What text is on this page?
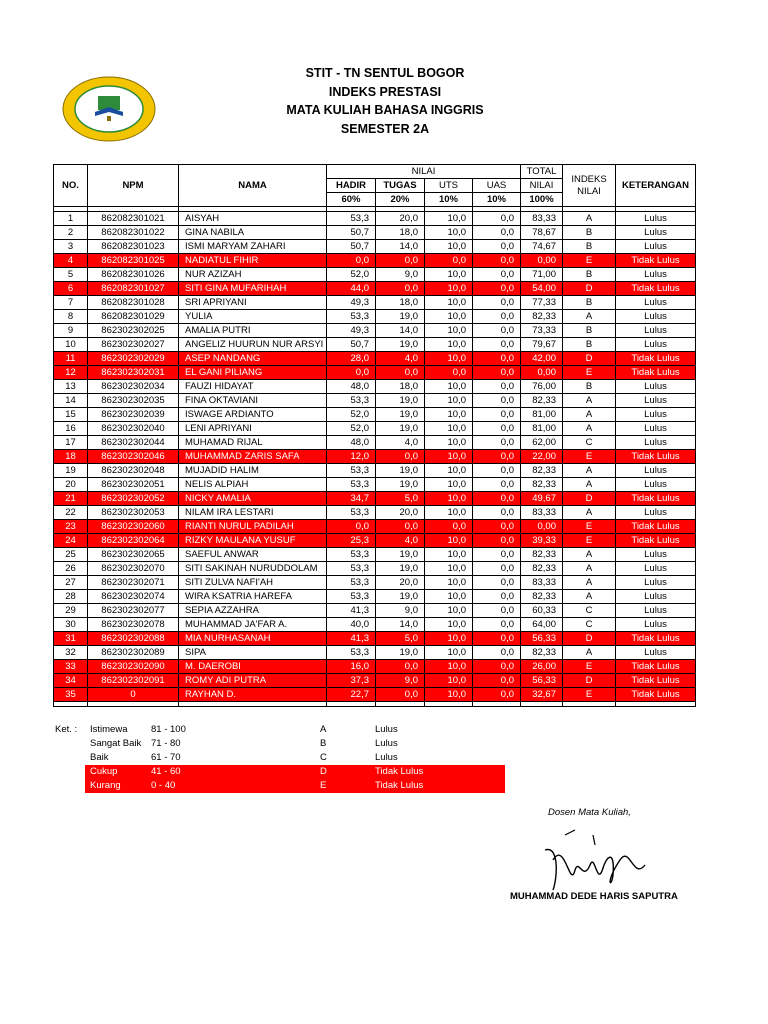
STIT - TN SENTUL BOGOR
INDEKS PRESTASI
MATA KULIAH BAHASA INGGRIS
SEMESTER 2A
NO.	NPM	NAMA	NILAI				TOTAL	INDEKS
NILAI	KETERANGAN
			HADIR	TUGAS	UTS	UAS	NILAI		
			60%	20%	10%	10%	100%		

1	862082301021	AISYAH	53,3	20,0	10,0	0,0	83,33	A	Lulus
2	862082301022	GINA NABILA	50,7	18,0	10,0	0,0	78,67	B	Lulus
3	862082301023	ISMI MARYAM ZAHARI	50,7	14,0	10,0	0,0	74,67	B	Lulus
4	862082301025	NADIATUL FIHIR	0,0	0,0	0,0	0,0	0,00	E	Tidak Lulus
5	862082301026	NUR AZIZAH	52,0	9,0	10,0	0,0	71,00	B	Lulus
6	862082301027	SITI GINA MUFARIHAH	44,0	0,0	10,0	0,0	54,00	D	Tidak Lulus
7	862082301028	SRI APRIYANI	49,3	18,0	10,0	0,0	77,33	B	Lulus
8	862082301029	YULIA	53,3	19,0	10,0	0,0	82,33	A	Lulus
9	862302302025	AMALIA PUTRI	49,3	14,0	10,0	0,0	73,33	B	Lulus
10	862302302027	ANGELIZ HUURUN NUR ARSYI	50,7	19,0	10,0	0,0	79,67	B	Lulus
11	862302302029	ASEP NANDANG	28,0	4,0	10,0	0,0	42,00	D	Tidak Lulus
12	862302302031	EL GANI PILIANG	0,0	0,0	0,0	0,0	0,00	E	Tidak Lulus
13	862302302034	FAUZI HIDAYAT	48,0	18,0	10,0	0,0	76,00	B	Lulus
14	862302302035	FINA OKTAVIANI	53,3	19,0	10,0	0,0	82,33	A	Lulus
15	862302302039	ISWAGE ARDIANTO	52,0	19,0	10,0	0,0	81,00	A	Lulus
16	862302302040	LENI APRIYANI	52,0	19,0	10,0	0,0	81,00	A	Lulus
17	862302302044	MUHAMAD RIJAL	48,0	4,0	10,0	0,0	62,00	C	Lulus
18	862302302046	MUHAMMAD ZARIS SAFA	12,0	0,0	10,0	0,0	22,00	E	Tidak Lulus
19	862302302048	MUJADID HALIM	53,3	19,0	10,0	0,0	82,33	A	Lulus
20	862302302051	NELIS ALPIAH	53,3	19,0	10,0	0,0	82,33	A	Lulus
21	862302302052	NICKY AMALIA	34,7	5,0	10,0	0,0	49,67	D	Tidak Lulus
22	862302302053	NILAM IRA LESTARI	53,3	20,0	10,0	0,0	83,33	A	Lulus
23	862302302060	RIANTI NURUL PADILAH	0,0	0,0	0,0	0,0	0,00	E	Tidak Lulus
24	862302302064	RIZKY MAULANA YUSUF	25,3	4,0	10,0	0,0	39,33	E	Tidak Lulus
25	862302302065	SAEFUL ANWAR	53,3	19,0	10,0	0,0	82,33	A	Lulus
26	862302302070	SITI SAKINAH NURUDDOLAM	53,3	19,0	10,0	0,0	82,33	A	Lulus
27	862302302071	SITI ZULVA NAFI'AH	53,3	20,0	10,0	0,0	83,33	A	Lulus
28	862302302074	WIRA KSATRIA HAREFA	53,3	19,0	10,0	0,0	82,33	A	Lulus
29	862302302077	SEPIA AZZAHRA	41,3	9,0	10,0	0,0	60,33	C	Lulus
30	862302302078	MUHAMMAD JA'FAR A.	40,0	14,0	10,0	0,0	64,00	C	Lulus
31	862302302088	MIA NURHASANAH	41,3	5,0	10,0	0,0	56,33	D	Tidak Lulus
32	862302302089	SIPA	53,3	19,0	10,0	0,0	82,33	A	Lulus
33	862302302090	M. DAEROBI	16,0	0,0	10,0	0,0	26,00	E	Tidak Lulus
34	862302302091	ROMY ADI PUTRA	37,3	9,0	10,0	0,0	56,33	D	Tidak Lulus
35	0	RAYHAN D.	22,7	0,0	10,0	0,0	32,67	E	Tidak Lulus

Ket. : Istimewa 81 - 100	A	Lulus
Sangat Baik 71 - 80	B	Lulus
Baik	61 - 70	C	Lulus
Cukup	41 - 60	D	Tidak Lulus
Kurang	0 - 40	E	Tidak Lulus
Dosen Mata Kuliah,
MUHAMMAD DEDE HARIS SAPUTRA
